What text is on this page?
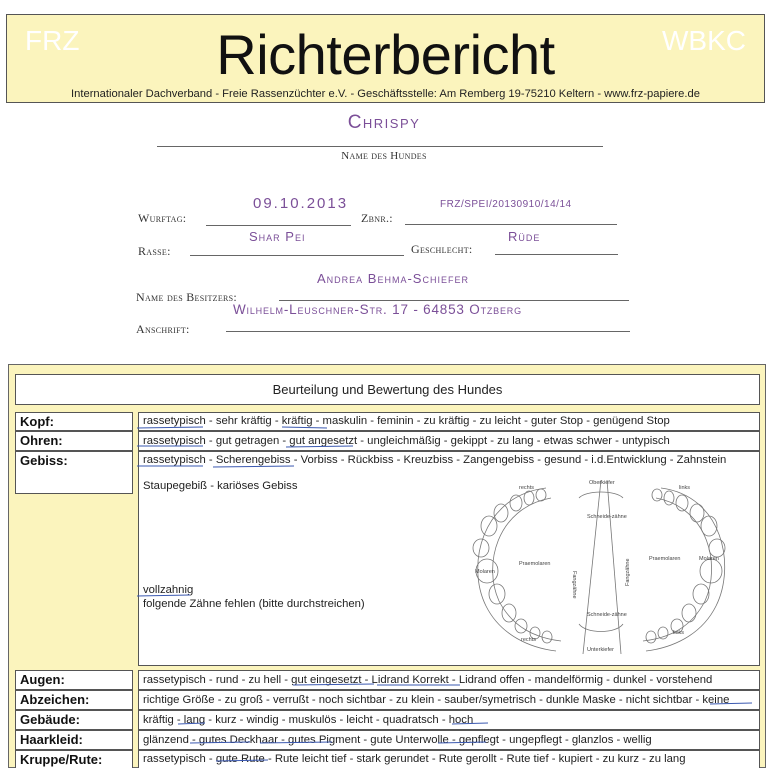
FRZ	WBKC
Richterbericht
Internationaler Dachverband - Freie Rassenzüchter e.V. - Geschäftsstelle: Am Remberg 19-75210 Keltern - www.frz-papiere.de
Chrispy
Name des Hundes
09.10.2013
Wurftag:
FRZ/SPEI/20130910/14/14
Zbnr.:
Shar Pei
Rasse:
Rüde
Geschlecht:
Andrea Behma-Schiefer
Name des Besitzers:
Wilhelm-Leuschner-Str. 17 - 64853 Otzberg
Anschrift:
Beurteilung und Bewertung des Hundes
Kopf:	rassetypisch - sehr kräftig - kräftig - maskulin - feminin - zu kräftig - zu leicht - guter Stop - genügend Stop
Ohren:	rassetypisch - gut getragen - gut angesetzt - ungleichmäßig - gekippt - zu lang - etwas schwer - untypisch
Gebiss:	rassetypisch - Scherengebiss - Vorbiss - Rückbiss - Kreuzbiss - Zangengebiss - gesund - i.d.Entwicklung - Zahnstein
Staupegebiß - kariöses Gebiss
vollzahnig
folgende Zähne fehlen (bitte durchstreichen)
Oberkiefer
Unterkiefer
rechts	links
rechts
links
Schneide-zähne
Schneide-zähne
Praemolaren
Praemolaren
Molaren
Molaren
Fangzähne	Fangzähne
Augen:	rassetypisch - rund - zu hell - gut eingesetzt - Lidrand Korrekt - Lidrand offen - mandelförmig - dunkel - vorstehend
Abzeichen:	richtige Größe - zu groß - verrußt - noch sichtbar - zu klein - sauber/symetrisch - dunkle Maske - nicht sichtbar - keine
Gebäude:	kräftig - lang - kurz - windig - muskulös - leicht - quadratsch - hoch
Haarkleid:	glänzend - gutes Deckhaar - gutes Pigment - gute Unterwolle - gepflegt - ungepflegt - glanzlos - wellig
Kruppe/Rute:	rassetypisch - gute Rute - Rute leicht tief - stark gerundet - Rute gerollt - Rute tief - kupiert - zu kurz - zu lang
